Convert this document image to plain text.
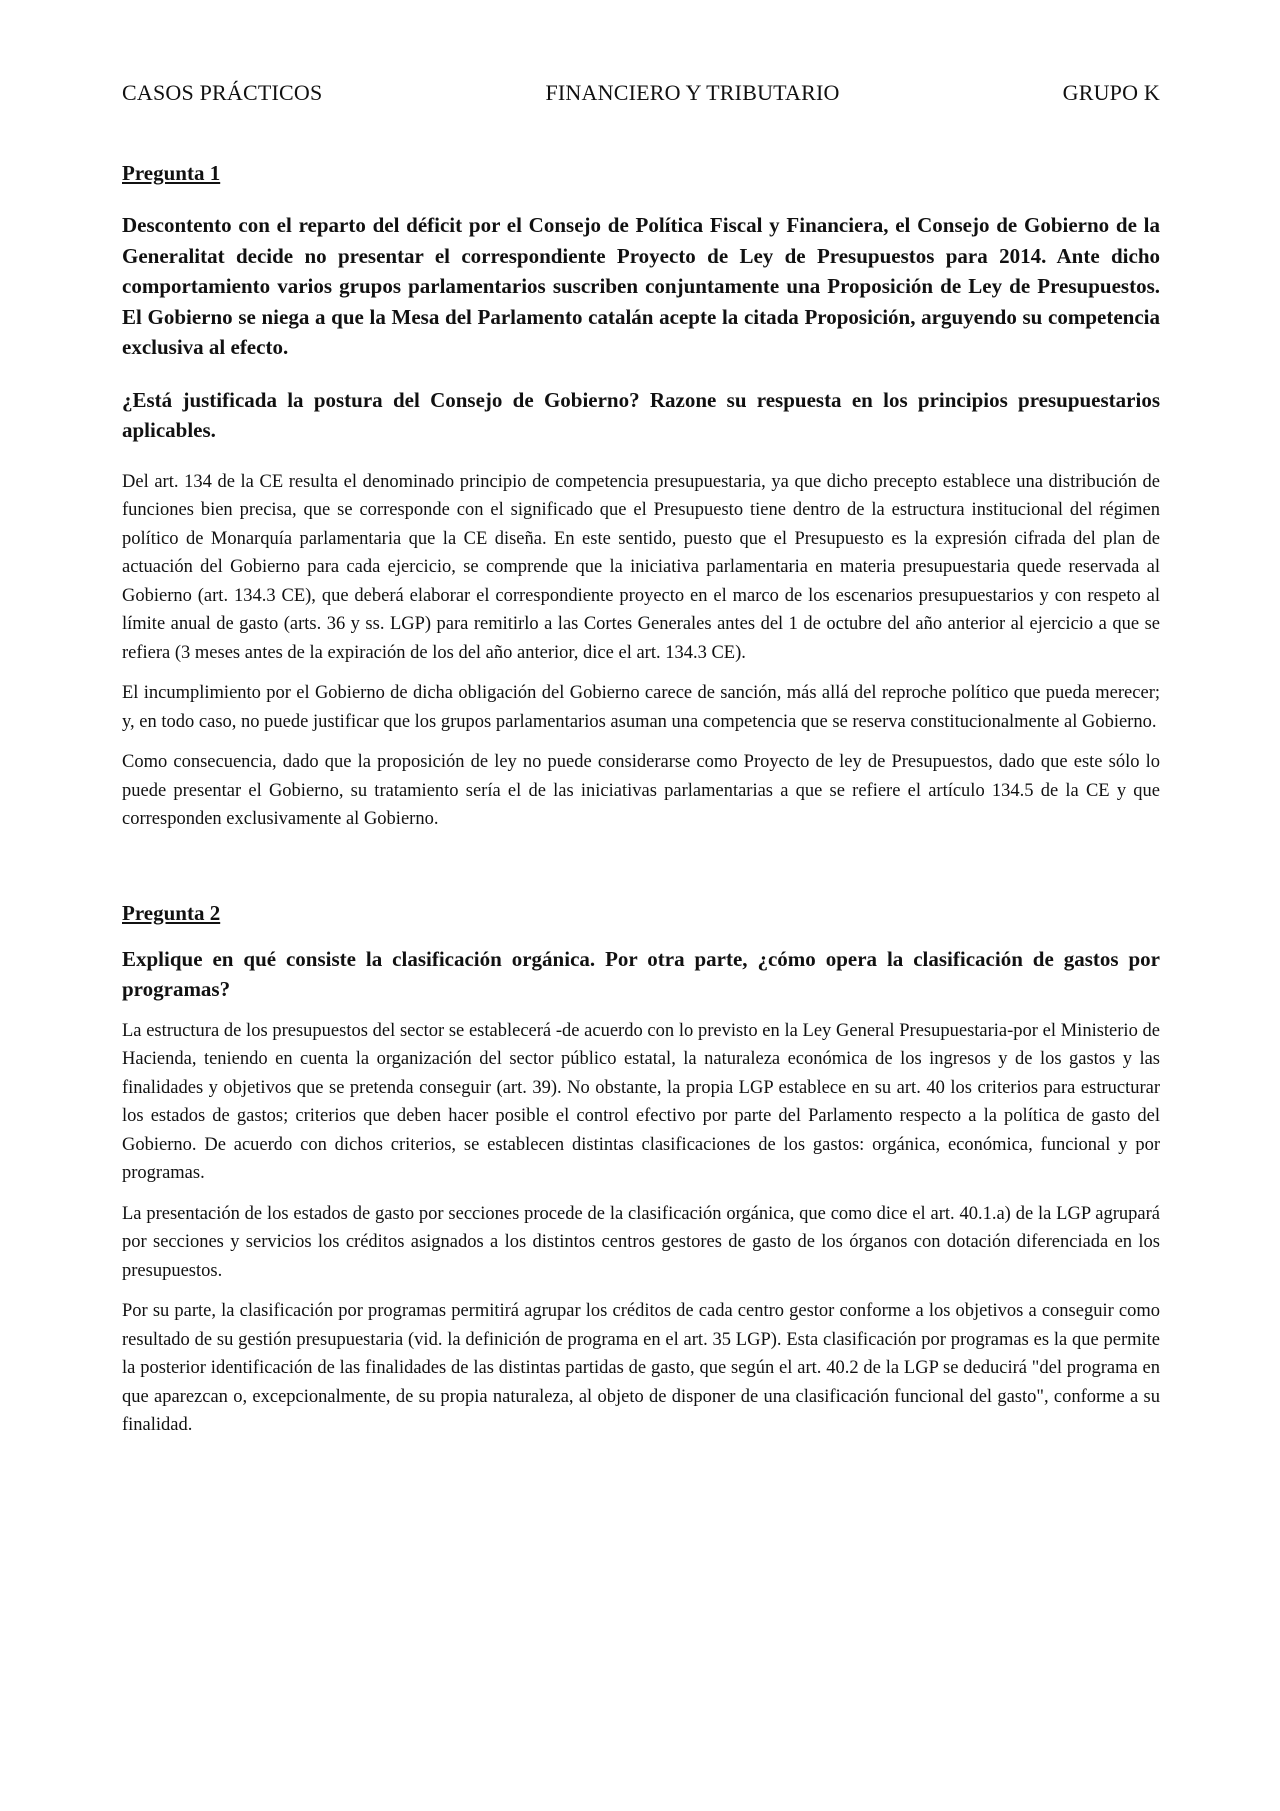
CASOS PRÁCTICOS	FINANCIERO Y TRIBUTARIO	GRUPO K
Pregunta 1

Descontento con el reparto del déficit por el Consejo de Política Fiscal y Financiera, el Consejo de Gobierno de la Generalitat decide no presentar el correspondiente Proyecto de Ley de Presupuestos para 2014. Ante dicho comportamiento varios grupos parlamentarios suscriben conjuntamente una Proposición de Ley de Presupuestos. El Gobierno se niega a que la Mesa del Parlamento catalán acepte la citada Proposición, arguyendo su competencia exclusiva al efecto.

¿Está justificada la postura del Consejo de Gobierno? Razone su respuesta en los principios presupuestarios aplicables.

Del art. 134 de la CE resulta el denominado principio de competencia presupuestaria, ya que dicho precepto establece una distribución de funciones bien precisa, que se corresponde con el significado que el Presupuesto tiene dentro de la estructura institucional del régimen político de Monarquía parlamentaria que la CE diseña. En este sentido, puesto que el Presupuesto es la expresión cifrada del plan de actuación del Gobierno para cada ejercicio, se comprende que la iniciativa parlamentaria en materia presupuestaria quede reservada al Gobierno (art. 134.3 CE), que deberá elaborar el correspondiente proyecto en el marco de los escenarios presupuestarios y con respeto al límite anual de gasto (arts. 36 y ss. LGP) para remitirlo a las Cortes Generales antes del 1 de octubre del año anterior al ejercicio a que se refiera (3 meses antes de la expiración de los del año anterior, dice el art. 134.3 CE).

El incumplimiento por el Gobierno de dicha obligación del Gobierno carece de sanción, más allá del reproche político que pueda merecer; y, en todo caso, no puede justificar que los grupos parlamentarios asuman una competencia que se reserva constitucionalmente al Gobierno.

Como consecuencia, dado que la proposición de ley no puede considerarse como Proyecto de ley de Presupuestos, dado que este sólo lo puede presentar el Gobierno, su tratamiento sería el de las iniciativas parlamentarias a que se refiere el artículo 134.5 de la CE y que corresponden exclusivamente al Gobierno.

Pregunta 2

Explique en qué consiste la clasificación orgánica. Por otra parte, ¿cómo opera la clasificación de gastos por programas?

La estructura de los presupuestos del sector se establecerá -de acuerdo con lo previsto en la Ley General Presupuestaria-por el Ministerio de Hacienda, teniendo en cuenta la organización del sector público estatal, la naturaleza económica de los ingresos y de los gastos y las finalidades y objetivos que se pretenda conseguir (art. 39). No obstante, la propia LGP establece en su art. 40 los criterios para estructurar los estados de gastos; criterios que deben hacer posible el control efectivo por parte del Parlamento respecto a la política de gasto del Gobierno. De acuerdo con dichos criterios, se establecen distintas clasificaciones de los gastos: orgánica, económica, funcional y por programas.

La presentación de los estados de gasto por secciones procede de la clasificación orgánica, que como dice el art. 40.1.a) de la LGP agrupará por secciones y servicios los créditos asignados a los distintos centros gestores de gasto de los órganos con dotación diferenciada en los presupuestos.

Por su parte, la clasificación por programas permitirá agrupar los créditos de cada centro gestor conforme a los objetivos a conseguir como resultado de su gestión presupuestaria (vid. la definición de programa en el art. 35 LGP). Esta clasificación por programas es la que permite la posterior identificación de las finalidades de las distintas partidas de gasto, que según el art. 40.2 de la LGP se deducirá "del programa en que aparezcan o, excepcionalmente, de su propia naturaleza, al objeto de disponer de una clasificación funcional del gasto", conforme a su finalidad.
